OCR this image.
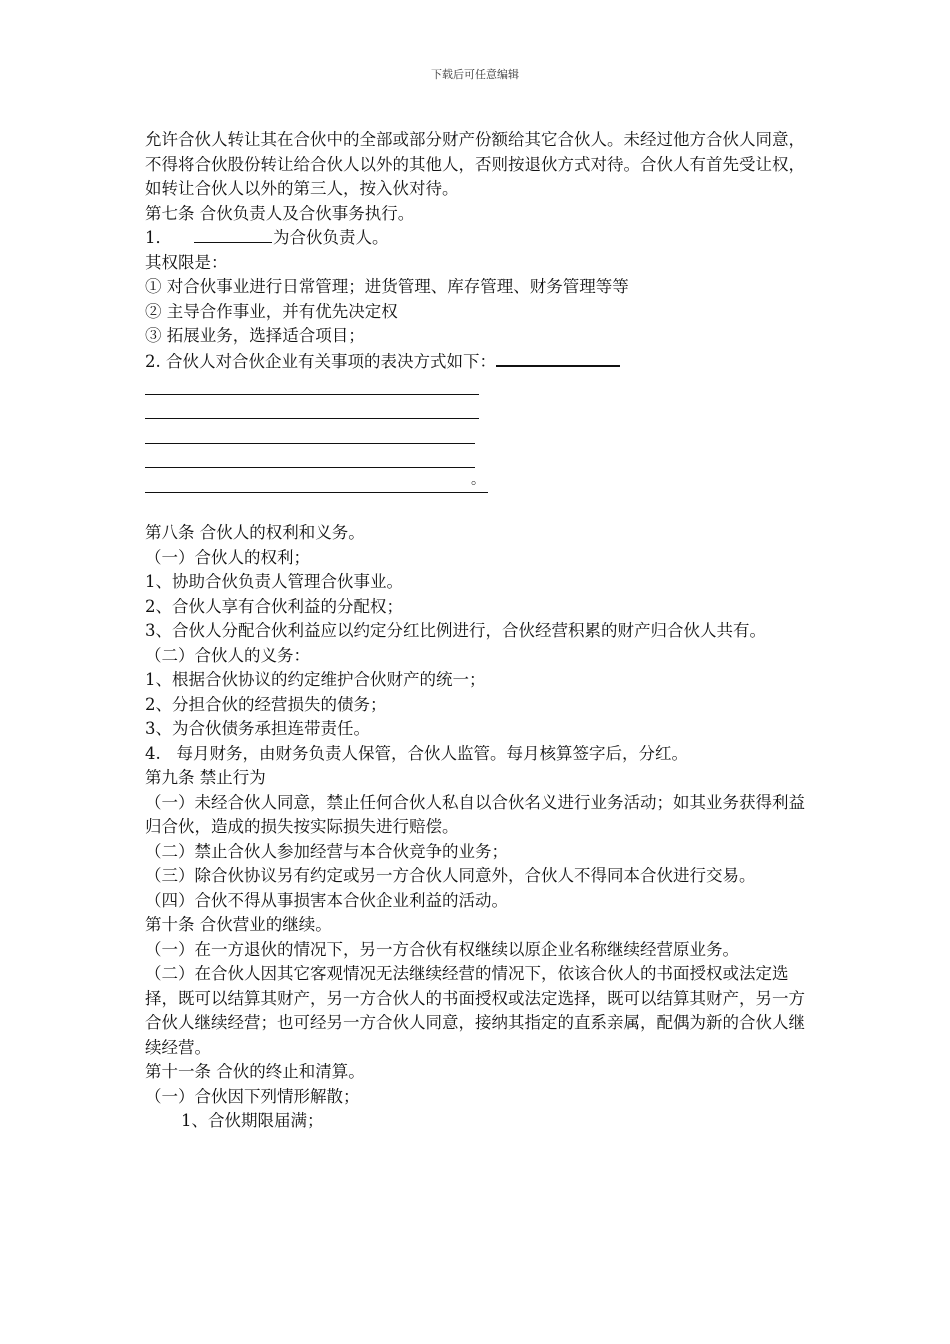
下载后可任意编辑

允许合伙人转让其在合伙中的全部或部分财产份额给其它合伙人。未经过他方合伙人同意，不得将合伙股份转让给合伙人以外的其他人，否则按退伙方式对待。合伙人有首先受让权，如转让合伙人以外的第三人，按入伙对待。

第七条 合伙负责人及合伙事务执行。

1．	为合伙负责人。

其权限是：

① 对合伙事业进行日常管理；进货管理、库存管理、财务管理等等

② 主导合作事业，并有优先决定权

③ 拓展业务，选择适合项目；

2. 合伙人对合伙企业有关事项的表决方式如下：

。

第八条 合伙人的权利和义务。

（一）合伙人的权利；

1、协助合伙负责人管理合伙事业。

2、合伙人享有合伙利益的分配权；

3、合伙人分配合伙利益应以约定分红比例进行，合伙经营积累的财产归合伙人共有。

（二）合伙人的义务：

1、根据合伙协议的约定维护合伙财产的统一；

2、分担合伙的经营损失的债务；

3、为合伙债务承担连带责任。

4.   每月财务，由财务负责人保管，合伙人监管。每月核算签字后，分红。

第九条 禁止行为

（一）未经合伙人同意，禁止任何合伙人私自以合伙名义进行业务活动；如其业务获得利益归合伙，造成的损失按实际损失进行赔偿。

（二）禁止合伙人参加经营与本合伙竞争的业务；

（三）除合伙协议另有约定或另一方合伙人同意外，合伙人不得同本合伙进行交易。

（四）合伙不得从事损害本合伙企业利益的活动。

第十条 合伙营业的继续。

（一）在一方退伙的情况下，另一方合伙有权继续以原企业名称继续经营原业务。

（二）在合伙人因其它客观情况无法继续经营的情况下，依该合伙人的书面授权或法定选择，既可以结算其财产，另一方合伙人的书面授权或法定选择，既可以结算其财产，另一方合伙人继续经营；也可经另一方合伙人同意，接纳其指定的直系亲属，配偶为新的合伙人继续经营。

第十一条 合伙的终止和清算。

（一）合伙因下列情形解散；

1、合伙期限届满；
